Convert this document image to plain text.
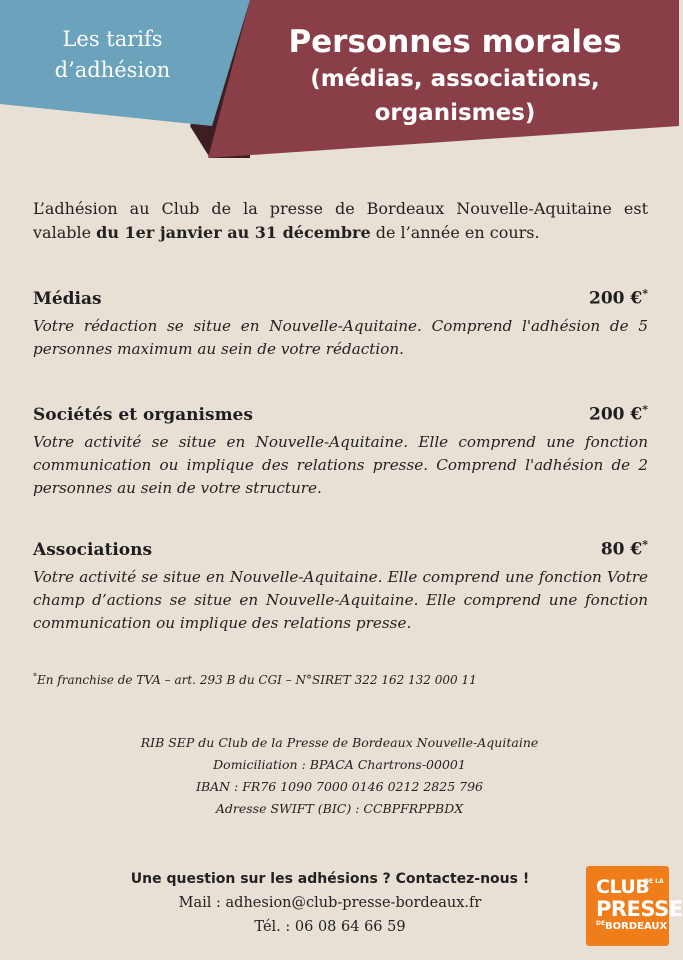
Les tarifs
d’adhésion
Personnes morales
(médias, associations, organismes)
L’adhésion au Club de la presse de Bordeaux Nouvelle-Aquitaine est valable du 1er janvier au 31 décembre de l’année en cours.
Médias	200 €*
Votre rédaction se situe en Nouvelle-Aquitaine. Comprend l'adhésion de 5 personnes maximum au sein de votre rédaction.
Sociétés et organismes	200 €*
Votre activité se situe en Nouvelle-Aquitaine. Elle comprend une fonction communication ou implique des relations presse. Comprend l'adhésion de 2 personnes au sein de votre structure.
Associations	80 €*
Votre activité se situe en Nouvelle-Aquitaine. Elle comprend une fonction Votre champ d’actions se situe en Nouvelle-Aquitaine. Elle comprend une fonction communication ou implique des relations presse.
*En franchise de TVA – art. 293 B du CGI – N°SIRET 322 162 132 000 11
RIB SEP du Club de la Presse de Bordeaux Nouvelle-Aquitaine
Domiciliation : BPACA Chartrons-00001
IBAN : FR76 1090 7000 0146 0212 2825 796
Adresse SWIFT (BIC) : CCBPFRPPBDX
Une question sur les adhésions ? Contactez-nous !
Mail : adhesion@club-presse-bordeaux.fr
Tél. : 06 08 64 66 59
CLUB
DE LA
PRESSE
DE BORDEAUX
